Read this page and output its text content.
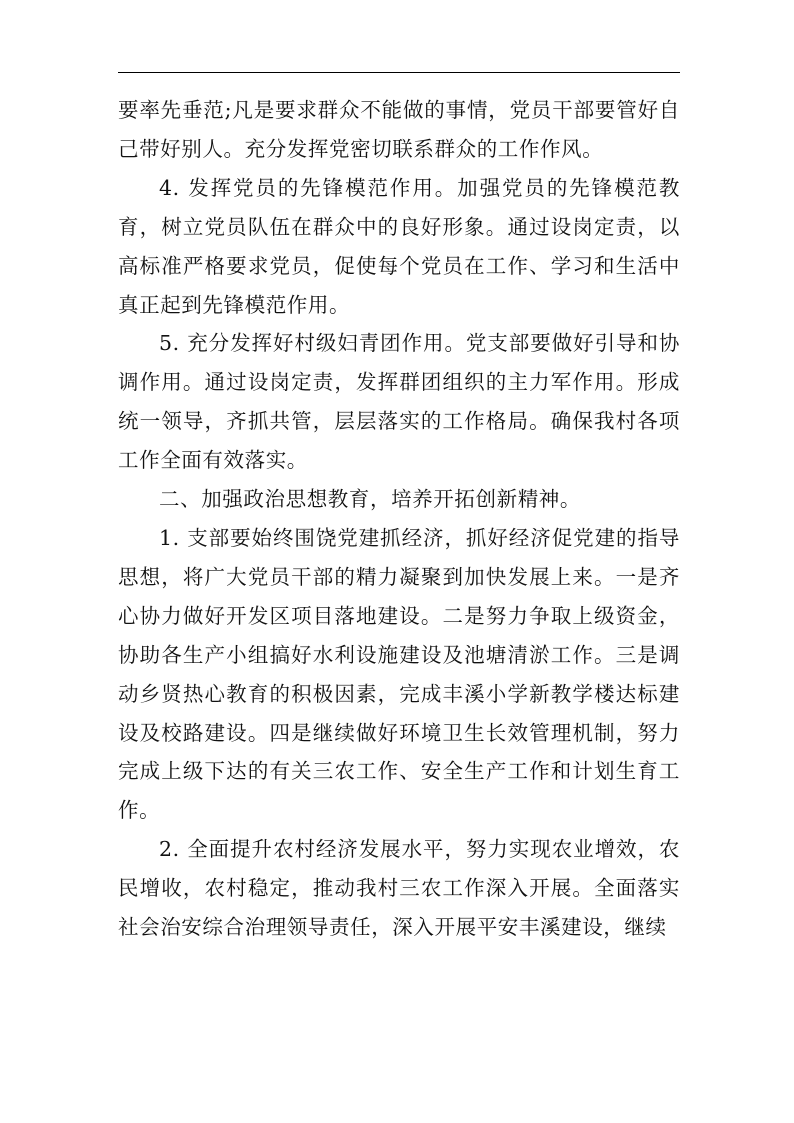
要率先垂范;凡是要求群众不能做的事情，党员干部要管好自己带好别人。充分发挥党密切联系群众的工作作风。

4. 发挥党员的先锋模范作用。加强党员的先锋模范教育，树立党员队伍在群众中的良好形象。通过设岗定责，以高标准严格要求党员，促使每个党员在工作、学习和生活中真正起到先锋模范作用。

5. 充分发挥好村级妇青团作用。党支部要做好引导和协调作用。通过设岗定责，发挥群团组织的主力军作用。形成统一领导，齐抓共管，层层落实的工作格局。确保我村各项工作全面有效落实。

二、加强政治思想教育，培养开拓创新精神。

1. 支部要始终围饶党建抓经济，抓好经济促党建的指导思想，将广大党员干部的精力凝聚到加快发展上来。一是齐心协力做好开发区项目落地建设。二是努力争取上级资金，协助各生产小组搞好水利设施建设及池塘清淤工作。三是调动乡贤热心教育的积极因素，完成丰溪小学新教学楼达标建设及校路建设。四是继续做好环境卫生长效管理机制，努力完成上级下达的有关三农工作、安全生产工作和计划生育工作。

2. 全面提升农村经济发展水平，努力实现农业增效，农民增收，农村稳定，推动我村三农工作深入开展。全面落实社会治安综合治理领导责任，深入开展平安丰溪建设，继续
